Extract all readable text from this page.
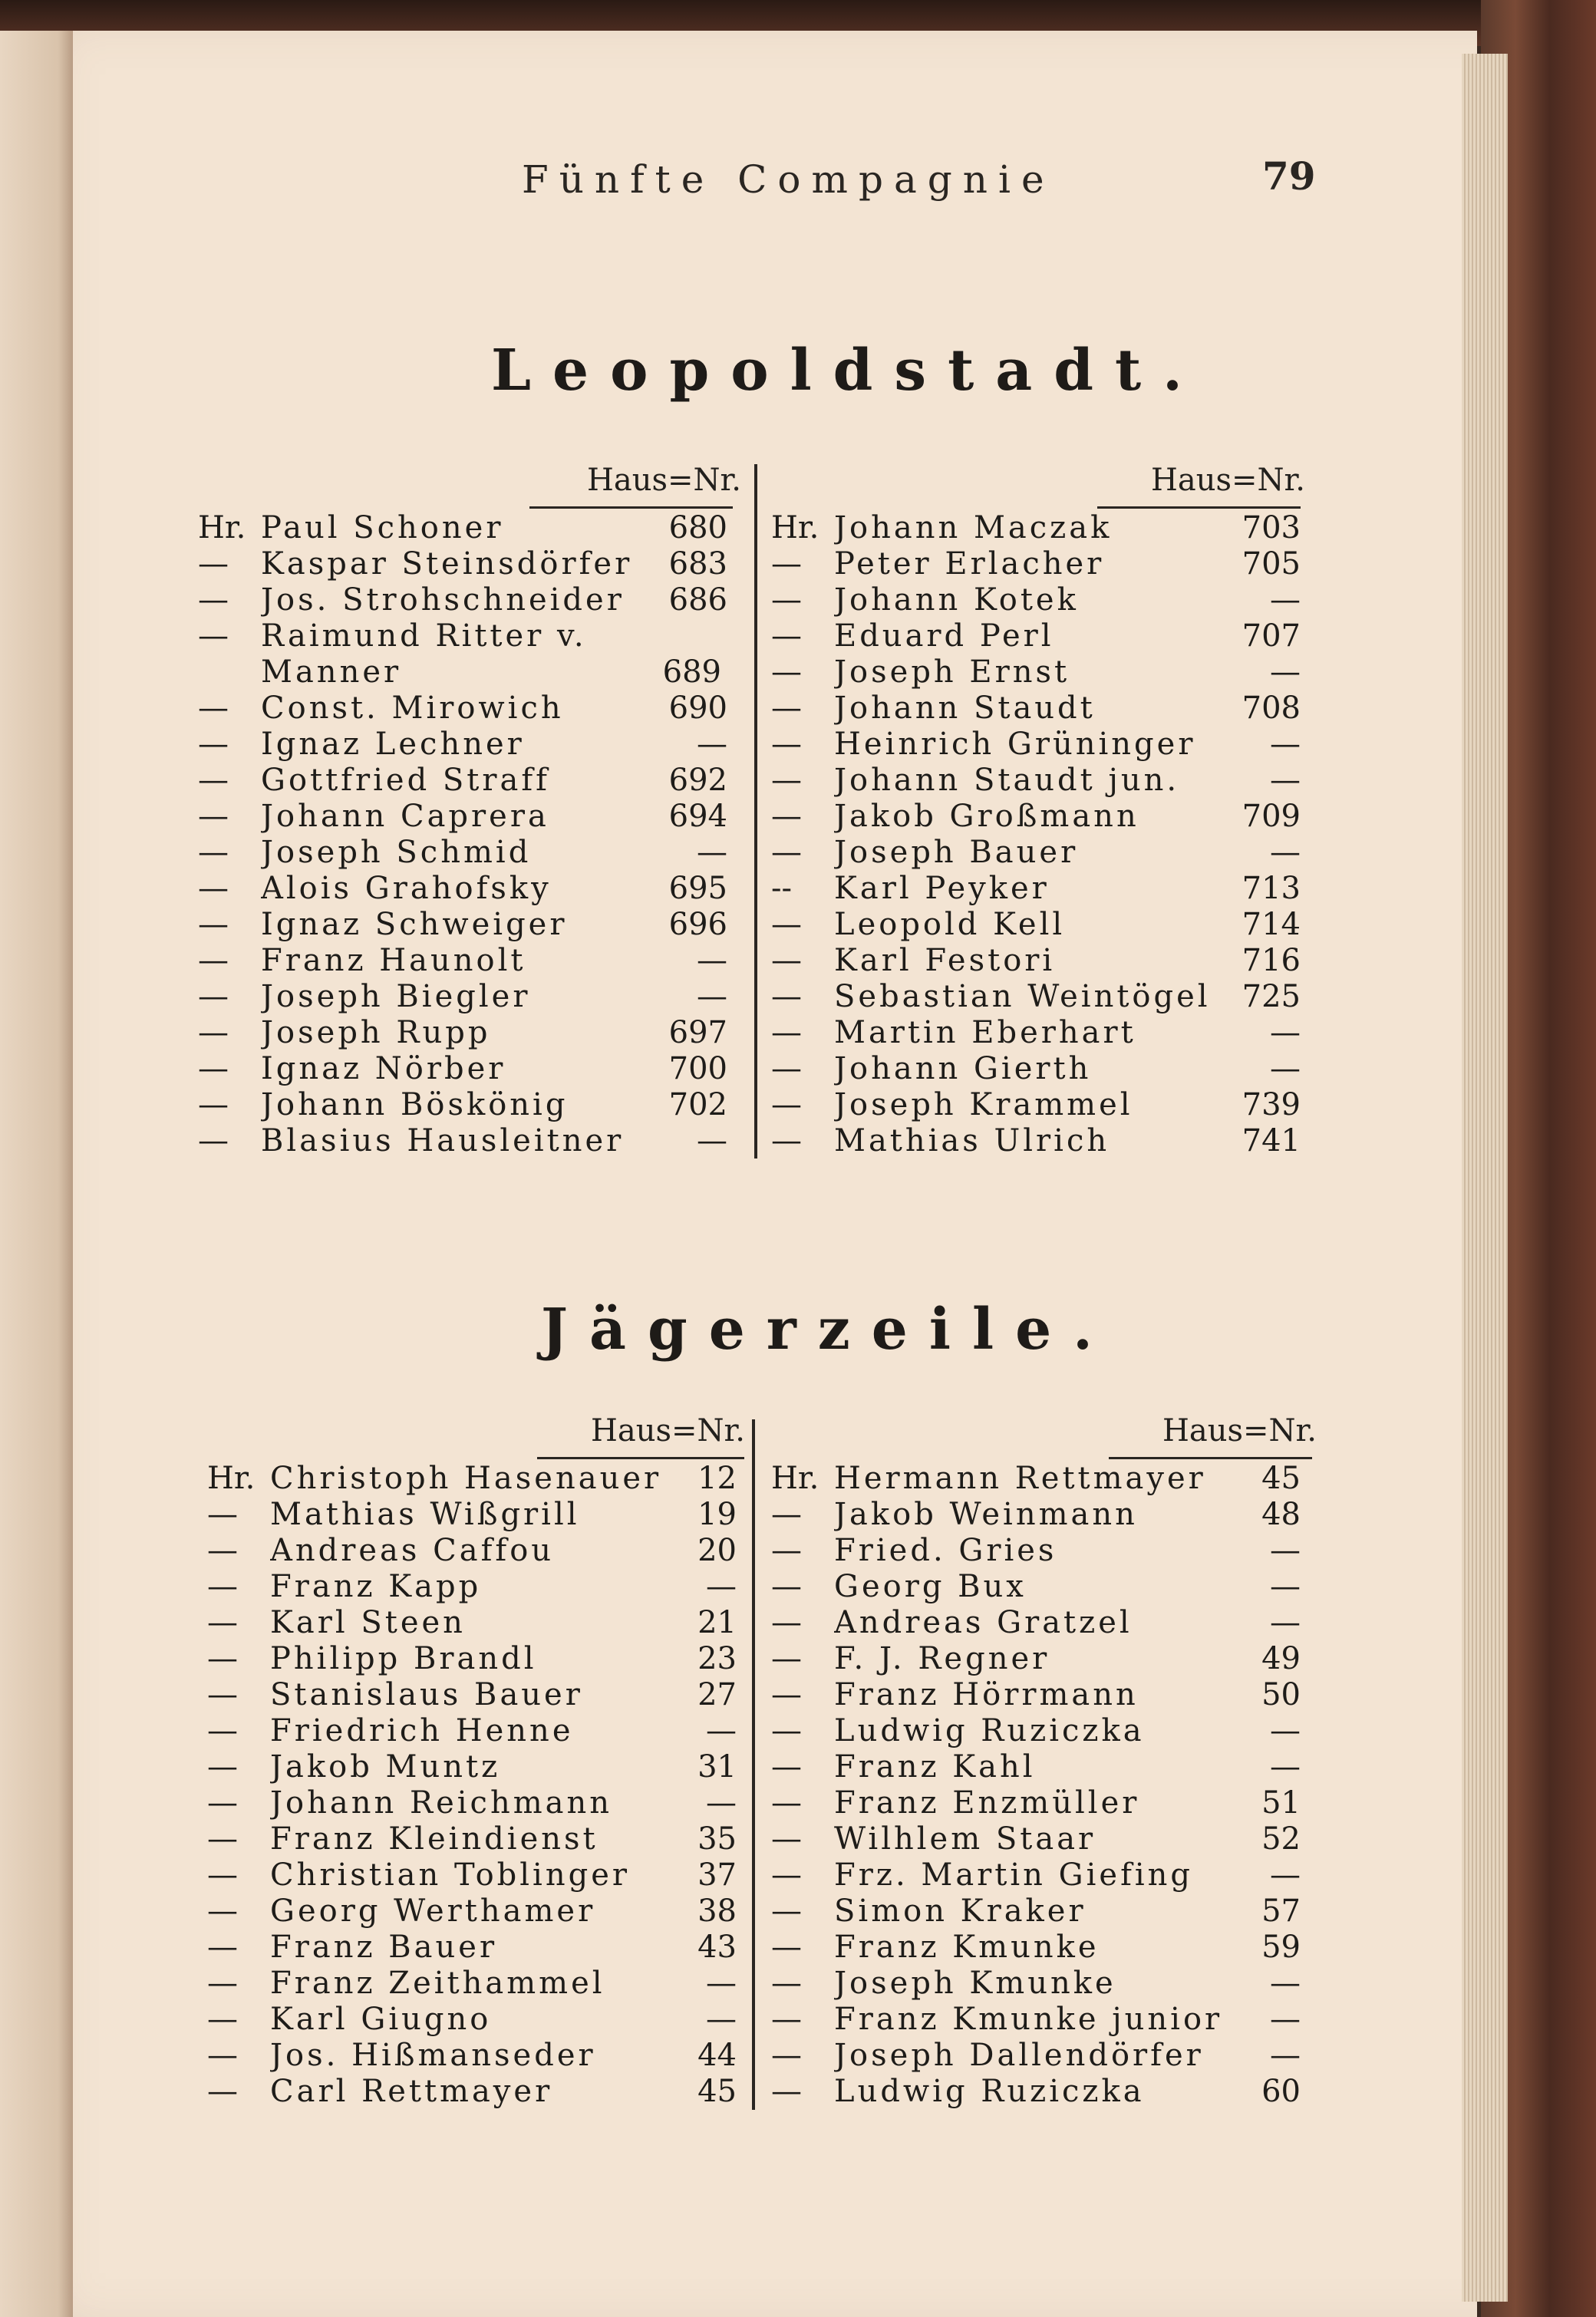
Fünfte Compagnie	79
Leopoldstadt.
Haus=Nr.	Haus=Nr.
Hr. Paul Schoner	680
—	Kaspar Steinsdörfer	683
—	Jos. Strohschneider	686
—	Raimund Ritter v. Manner	689
—	Const. Mirowich	690
—	Ignaz Lechner	—
—	Gottfried Straff	692
—	Johann Caprera	694
—	Joseph Schmid	—
—	Alois Grahofsky	695
—	Ignaz Schweiger	696
—	Franz Haunolt	—
—	Joseph Biegler	—
—	Joseph Rupp	697
—	Ignaz Nörber	700
—	Johann Böskönig	702
—	Blasius Hausleitner	—
Hr. Johann Maczak	703
—	Peter Erlacher	705
—	Johann Kotek	—
—	Eduard Perl	707
—	Joseph Ernst	—
—	Johann Staudt	708
—	Heinrich Grüninger	—
—	Johann Staudt jun.	—
—	Jakob Großmann	709
—	Joseph Bauer	—
--	Karl Peyker	713
—	Leopold Kell	714
—	Karl Festori	716
—	Sebastian Weintögel	725
—	Martin Eberhart	—
—	Johann Gierth	—
—	Joseph Krammel	739
—	Mathias Ulrich	741
Jägerzeile.
Haus=Nr.	Haus=Nr.
Hr. Christoph Hasenauer	12
—	Mathias Wißgrill	19
—	Andreas Caffou	20
—	Franz Kapp	—
—	Karl Steen	21
—	Philipp Brandl	23
—	Stanislaus Bauer	27
—	Friedrich Henne	—
—	Jakob Muntz	31
—	Johann Reichmann	—
—	Franz Kleindienst	35
—	Christian Toblinger	37
—	Georg Werthamer	38
—	Franz Bauer	43
—	Franz Zeithammel	—
—	Karl Giugno	—
—	Jos. Hißmanseder	44
—	Carl Rettmayer	45
Hr. Hermann Rettmayer	45
—	Jakob Weinmann	48
—	Fried. Gries	—
—	Georg Bux	—
—	Andreas Gratzel	—
—	F. J. Regner	49
—	Franz Hörrmann	50
—	Ludwig Ruziczka	—
—	Franz Kahl	—
—	Franz Enzmüller	51
—	Wilhlem Staar	52
—	Frz. Martin Giefing	—
—	Simon Kraker	57
—	Franz Kmunke	59
—	Joseph Kmunke	—
—	Franz Kmunke junior	—
—	Joseph Dallendörfer	—
—	Ludwig Ruziczka	60
